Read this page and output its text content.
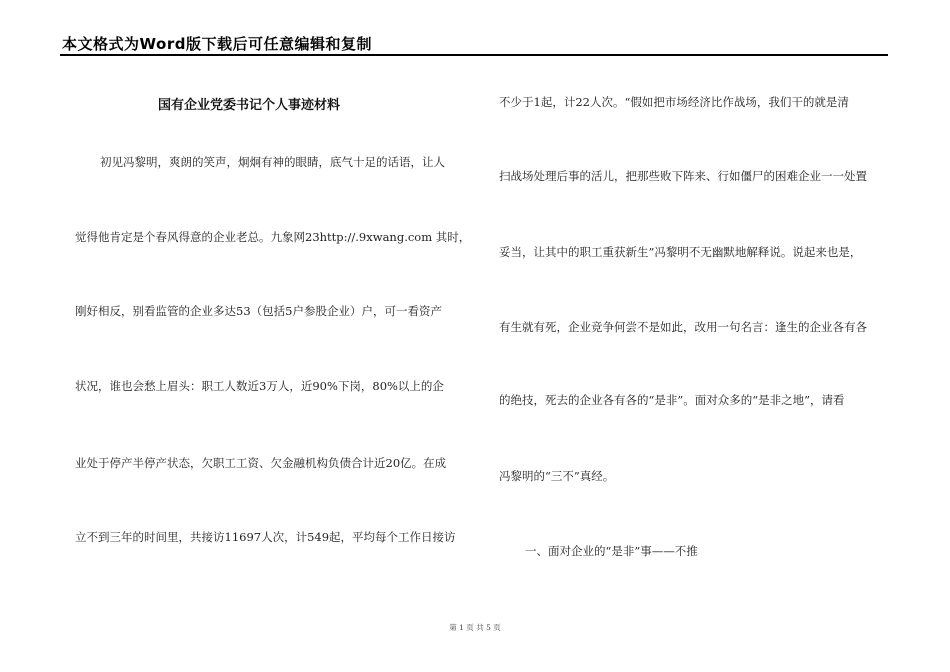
本文格式为Word版下载后可任意编辑和复制
国有企业党委书记个人事迹材料
初见冯黎明，爽朗的笑声，炯炯有神的眼睛，底气十足的话语，让人
觉得他肯定是个春风得意的企业老总。九象网23http://.9xwang.com 其时，
刚好相反，别看监管的企业多达53（包括5户参股企业）户，可一看资产
状况，谁也会愁上眉头：职工人数近3万人，近90%下岗，80%以上的企
业处于停产半停产状态，欠职工工资、欠金融机构负债合计近20亿。在成
立不到三年的时间里，共接访11697人次，计549起，平均每个工作日接访
不少于1起，计22人次。“假如把市场经济比作战场，我们干的就是清
扫战场处理后事的活儿，把那些败下阵来、行如僵尸的困难企业一一处置
妥当，让其中的职工重获新生”冯黎明不无幽默地解释说。说起来也是，
有生就有死，企业竞争何尝不是如此，改用一句名言：逢生的企业各有各
的绝技，死去的企业各有各的“是非”。面对众多的“是非之地”，请看
冯黎明的“三不”真经。
一、面对企业的“是非”事——不推
第 1 页 共 5 页
